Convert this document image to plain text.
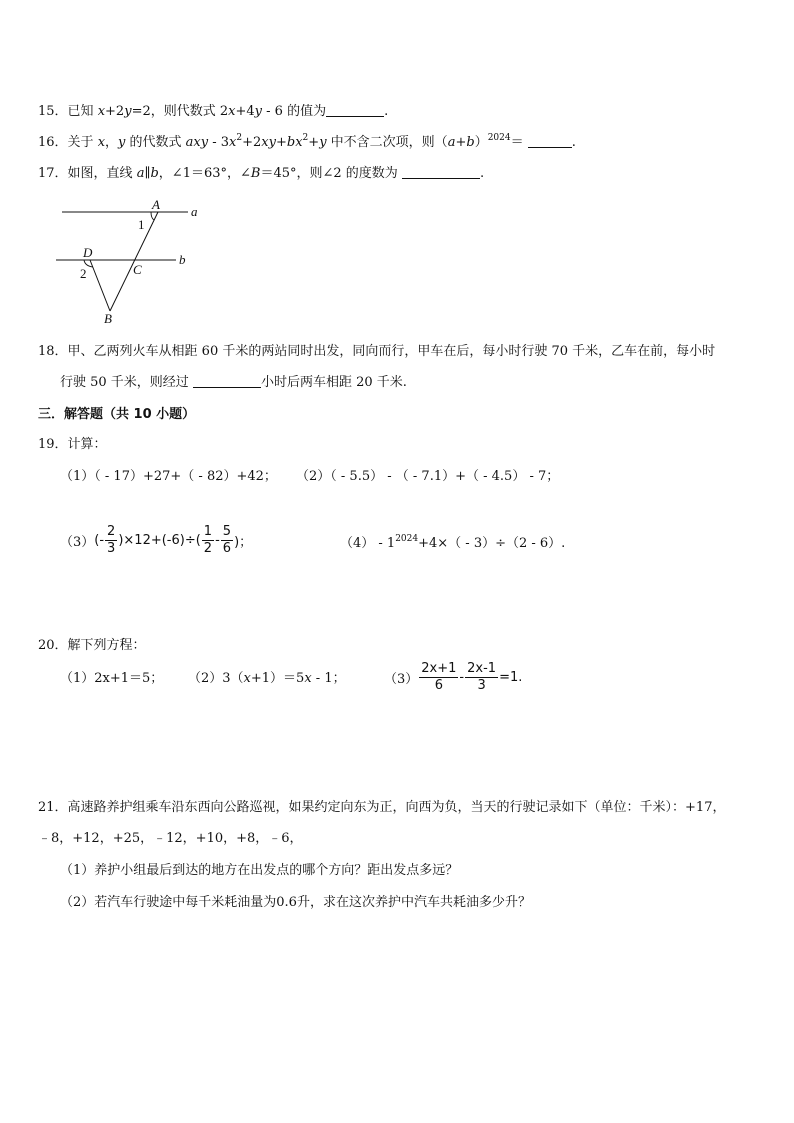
15．已知 x+2y=2，则代数式 2x+4y - 6 的值为	.
16．关于 x，y 的代数式 axy - $3x^2+2xy+bx^2+y$ 中不含二次项，则$(a+b)^{2024}=$	.
17．如图，直线 a∥b，∠1＝63°，∠B＝45°，则∠2 的度数为	.
A a
1
D	b
2	C
B
18．甲、乙两列火车从相距 60 千米的两站同时出发，同向而行，甲车在后，每小时行驶 70 千米，乙车在前，每小时
行驶 50 千米，则经过	小时后两车相距 20 千米.
三．解答题（共 10 小题）
19．计算：
（1）（ - 17）+27+（ - 82）+42； （2）（ - 5.5） - （ - 7.1）+（ - 4.5） - 7；
（3） (- $\frac{2}{3} )\times 12+(-6)\div( \frac{1}{2} - \frac{5}{6}$ )；	$(4) - 1^{2024}+4\times( - 3)\div(2 - 6)$.
20．解下列方程：
（1）2x+1＝5； （2）3（x+1）＝5x - 1；	$(3) \frac{2x+1}{6} - \frac{2x-1}{3} =1$.
21．高速路养护组乘车沿东西向公路巡视，如果约定向东为正，向西为负，当天的行驶记录如下（单位：千米）：+17，
﹣8，+12，+25，﹣12，+10，+8，﹣6，
（1）养护小组最后到达的地方在出发点的哪个方向？距出发点多远？
（2）若汽车行驶途中每千米耗油量为0.6升，求在这次养护中汽车共耗油多少升？
